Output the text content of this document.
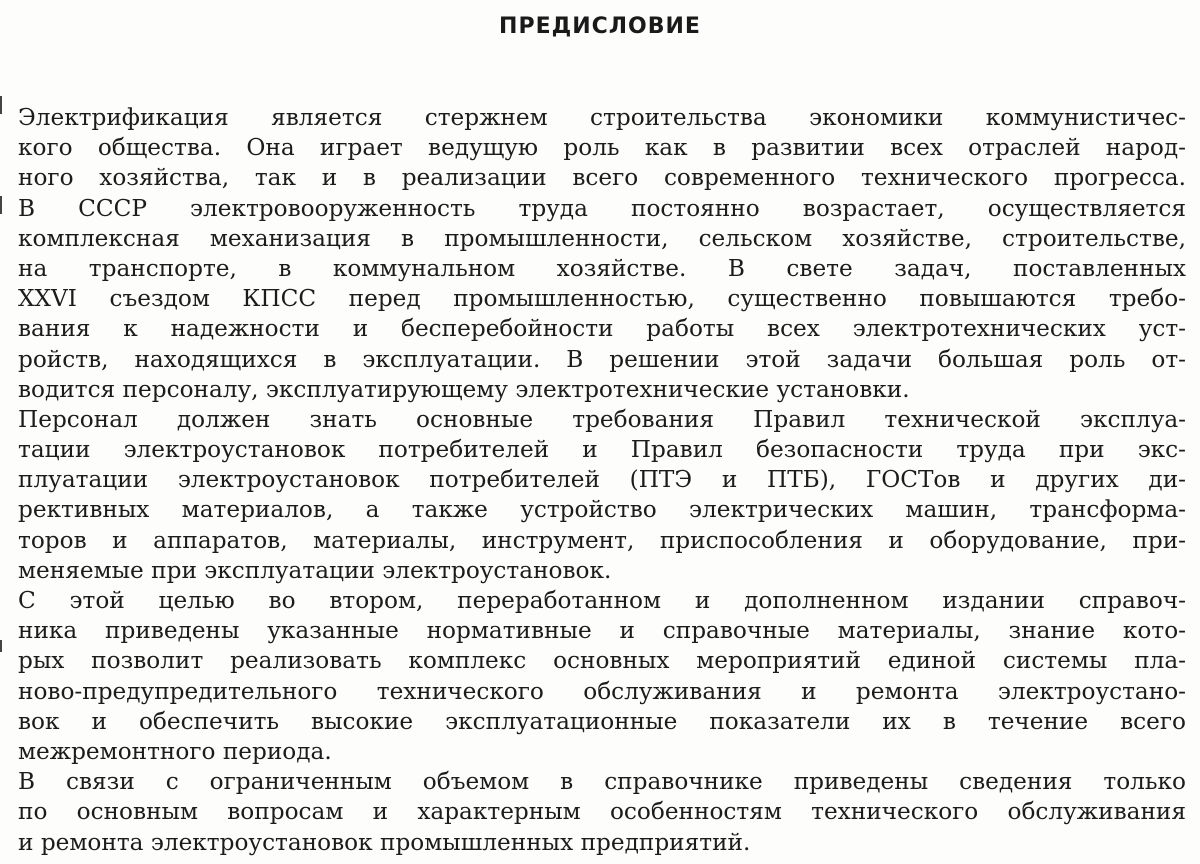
ПРЕДИСЛОВИЕ
Электрификация является стержнем строительства экономики коммунистичес-
кого общества. Она играет ведущую роль как в развитии всех отраслей народ-
ного хозяйства, так и в реализации всего современного технического прогресса.
В СССР электровооруженность труда постоянно возрастает, осуществляется
комплексная механизация в промышленности, сельском хозяйстве, строительстве,
на транспорте, в коммунальном хозяйстве. В свете задач, поставленных
XXVI съездом КПСС перед промышленностью, существенно повышаются требо-
вания к надежности и бесперебойности работы всех электротехнических уст-
ройств, находящихся в эксплуатации. В решении этой задачи большая роль от-
водится персоналу, эксплуатирующему электротехнические установки.
Персонал должен знать основные требования Правил технической эксплуа-
тации электроустановок потребителей и Правил безопасности труда при экс-
плуатации электроустановок потребителей (ПТЭ и ПТБ), ГОСТов и других ди-
рективных материалов, а также устройство электрических машин, трансформа-
торов и аппаратов, материалы, инструмент, приспособления и оборудование, при-
меняемые при эксплуатации электроустановок.
С этой целью во втором, переработанном и дополненном издании справоч-
ника приведены указанные нормативные и справочные материалы, знание кото-
рых позволит реализовать комплекс основных мероприятий единой системы пла-
ново-предупредительного технического обслуживания и ремонта электроустано-
вок и обеспечить высокие эксплуатационные показатели их в течение всего
межремонтного периода.
В связи с ограниченным объемом в справочнике приведены сведения только
по основным вопросам и характерным особенностям технического обслуживания
и ремонта электроустановок промышленных предприятий.
